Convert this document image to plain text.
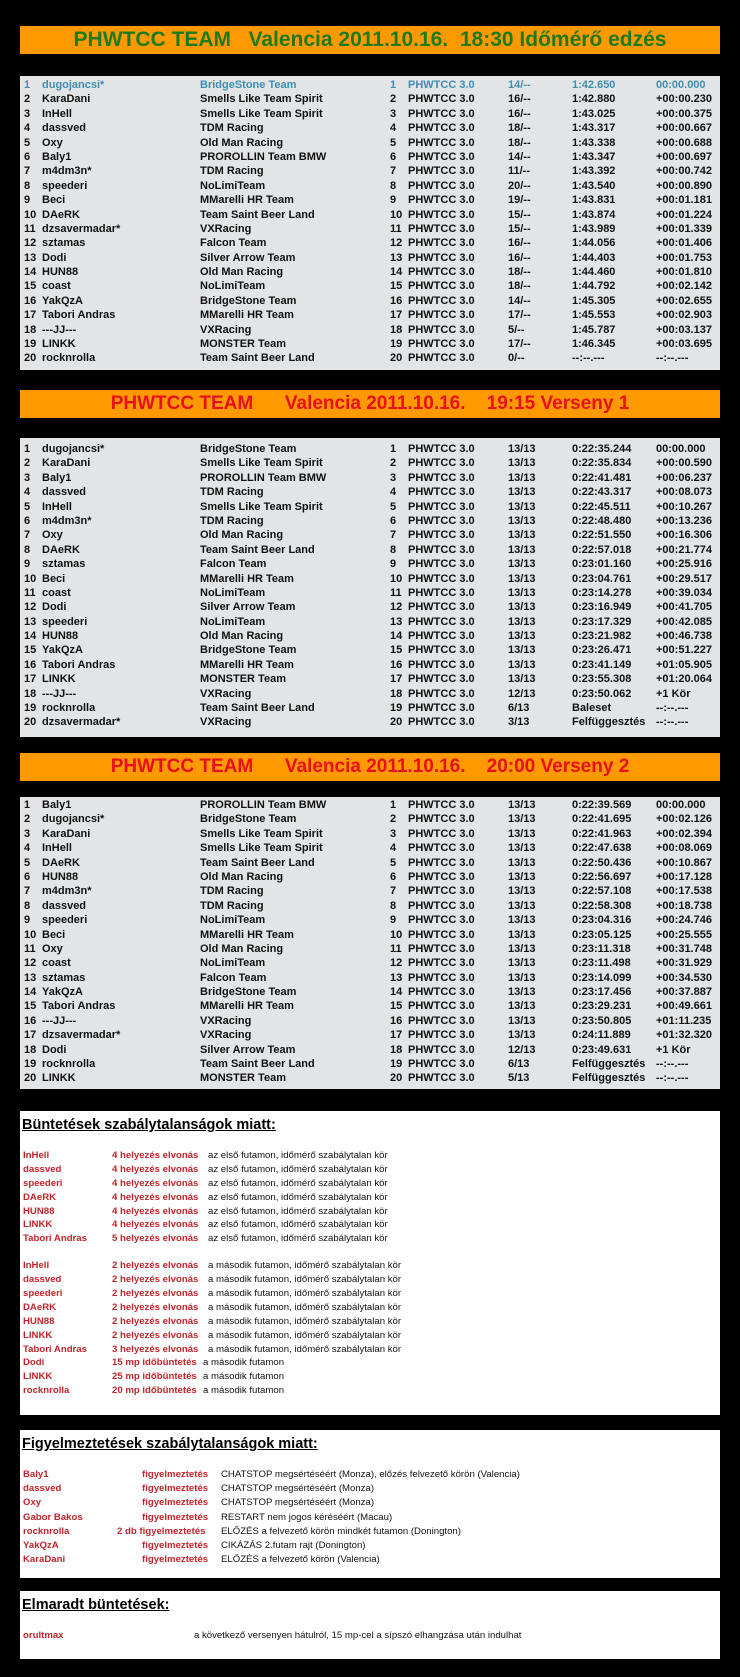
PHWTCC TEAM   Valencia 2011.10.16.  18:30 Időmérő edzés
1 dugojancsi*	BridgeStone Team	1 PHWTCC 3.0	14/--	1:42.650	00:00.000
2 KaraDani	Smells Like Team Spirit	2 PHWTCC 3.0	16/--	1:42.880	+00:00.230
3 InHell	Smells Like Team Spirit	3 PHWTCC 3.0	16/--	1:43.025	+00:00.375
4 dassved	TDM Racing	4 PHWTCC 3.0	18/--	1:43.317	+00:00.667
5 Oxy	Old Man Racing	5 PHWTCC 3.0	18/--	1:43.338	+00:00.688
6 Baly1	PROROLLIN Team BMW	6 PHWTCC 3.0	14/--	1:43.347	+00:00.697
7 m4dm3n*	TDM Racing	7 PHWTCC 3.0	11/--	1:43.392	+00:00.742
8 speederi	NoLimiTeam	8 PHWTCC 3.0	20/--	1:43.540	+00:00.890
9 Beci	MMarelli HR Team	9 PHWTCC 3.0	19/--	1:43.831	+00:01.181
10 DAeRK	Team Saint Beer Land	10 PHWTCC 3.0	15/--	1:43.874	+00:01.224
11 dzsavermadar*	VXRacing	11 PHWTCC 3.0	15/--	1:43.989	+00:01.339
12 sztamas	Falcon Team	12 PHWTCC 3.0	16/--	1:44.056	+00:01.406
13 Dodi	Silver Arrow Team	13 PHWTCC 3.0	16/--	1:44.403	+00:01.753
14 HUN88	Old Man Racing	14 PHWTCC 3.0	18/--	1:44.460	+00:01.810
15 coast	NoLimiTeam	15 PHWTCC 3.0	18/--	1:44.792	+00:02.142
16 YakQzA	BridgeStone Team	16 PHWTCC 3.0	14/--	1:45.305	+00:02.655
17 Tabori Andras	MMarelli HR Team	17 PHWTCC 3.0	17/--	1:45.553	+00:02.903
18 ---JJ---	VXRacing	18 PHWTCC 3.0	5/--	1:45.787	+00:03.137
19 LINKK	MONSTER Team	19 PHWTCC 3.0	17/--	1:46.345	+00:03.695
20 rocknrolla	Team Saint Beer Land	20 PHWTCC 3.0	0/--	--:--.---	--:--.---
PHWTCC TEAM      Valencia 2011.10.16.    19:15 Verseny 1
1 dugojancsi*	BridgeStone Team	1 PHWTCC 3.0	13/13	0:22:35.244 00:00.000
2 KaraDani	Smells Like Team Spirit	2 PHWTCC 3.0	13/13	0:22:35.834 +00:00.590
3 Baly1	PROROLLIN Team BMW	3 PHWTCC 3.0	13/13	0:22:41.481 +00:06.237
4 dassved	TDM Racing	4 PHWTCC 3.0	13/13	0:22:43.317 +00:08.073
5 InHell	Smells Like Team Spirit	5 PHWTCC 3.0	13/13	0:22:45.511 +00:10.267
6 m4dm3n*	TDM Racing	6 PHWTCC 3.0	13/13	0:22:48.480 +00:13.236
7 Oxy	Old Man Racing	7 PHWTCC 3.0	13/13	0:22:51.550 +00:16.306
8 DAeRK	Team Saint Beer Land	8 PHWTCC 3.0	13/13	0:22:57.018 +00:21.774
9 sztamas	Falcon Team	9 PHWTCC 3.0	13/13	0:23:01.160 +00:25.916
10 Beci	MMarelli HR Team	10 PHWTCC 3.0	13/13	0:23:04.761 +00:29.517
11 coast	NoLimiTeam	11 PHWTCC 3.0	13/13	0:23:14.278 +00:39.034
12 Dodi	Silver Arrow Team	12 PHWTCC 3.0	13/13	0:23:16.949 +00:41.705
13 speederi	NoLimiTeam	13 PHWTCC 3.0	13/13	0:23:17.329 +00:42.085
14 HUN88	Old Man Racing	14 PHWTCC 3.0	13/13	0:23:21.982 +00:46.738
15 YakQzA	BridgeStone Team	15 PHWTCC 3.0	13/13	0:23:26.471 +00:51.227
16 Tabori Andras	MMarelli HR Team	16 PHWTCC 3.0	13/13	0:23:41.149 +01:05.905
17 LINKK	MONSTER Team	17 PHWTCC 3.0	13/13	0:23:55.308 +01:20.064
18 ---JJ---	VXRacing	18 PHWTCC 3.0	12/13	0:23:50.062 +1 Kör
19 rocknrolla	Team Saint Beer Land	19 PHWTCC 3.0	6/13	Baleset	--:--.---
20 dzsavermadar*	VXRacing	20 PHWTCC 3.0	3/13	Felfüggesztés --:--.---
PHWTCC TEAM      Valencia 2011.10.16.    20:00 Verseny 2
1 Baly1	PROROLLIN Team BMW	1 PHWTCC 3.0	13/13	0:22:39.569 00:00.000
2 dugojancsi*	BridgeStone Team	2 PHWTCC 3.0	13/13	0:22:41.695 +00:02.126
3 KaraDani	Smells Like Team Spirit	3 PHWTCC 3.0	13/13	0:22:41.963 +00:02.394
4 InHell	Smells Like Team Spirit	4 PHWTCC 3.0	13/13	0:22:47.638 +00:08.069
5 DAeRK	Team Saint Beer Land	5 PHWTCC 3.0	13/13	0:22:50.436 +00:10.867
6 HUN88	Old Man Racing	6 PHWTCC 3.0	13/13	0:22:56.697 +00:17.128
7 m4dm3n*	TDM Racing	7 PHWTCC 3.0	13/13	0:22:57.108 +00:17.538
8 dassved	TDM Racing	8 PHWTCC 3.0	13/13	0:22:58.308 +00:18.738
9 speederi	NoLimiTeam	9 PHWTCC 3.0	13/13	0:23:04.316 +00:24.746
10 Beci	MMarelli HR Team	10 PHWTCC 3.0	13/13	0:23:05.125 +00:25.555
11 Oxy	Old Man Racing	11 PHWTCC 3.0	13/13	0:23:11.318 +00:31.748
12 coast	NoLimiTeam	12 PHWTCC 3.0	13/13	0:23:11.498 +00:31.929
13 sztamas	Falcon Team	13 PHWTCC 3.0	13/13	0:23:14.099 +00:34.530
14 YakQzA	BridgeStone Team	14 PHWTCC 3.0	13/13	0:23:17.456 +00:37.887
15 Tabori Andras	MMarelli HR Team	15 PHWTCC 3.0	13/13	0:23:29.231 +00:49.661
16 ---JJ---	VXRacing	16 PHWTCC 3.0	13/13	0:23:50.805 +01:11.235
17 dzsavermadar*	VXRacing	17 PHWTCC 3.0	13/13	0:24:11.889 +01:32.320
18 Dodi	Silver Arrow Team	18 PHWTCC 3.0	12/13	0:23:49.631 +1 Kör
19 rocknrolla	Team Saint Beer Land	19 PHWTCC 3.0	6/13	Felfüggesztés --:--.---
20 LINKK	MONSTER Team	20 PHWTCC 3.0	5/13	Felfüggesztés --:--.---
Büntetések szabálytalanságok miatt:
InHell	4 helyezés elvonás az első futamon, időmérő szabálytalan kör
dassved	4 helyezés elvonás az első futamon, időmérő szabálytalan kör
speederi	4 helyezés elvonás az első futamon, időmérő szabálytalan kör
DAeRK	4 helyezés elvonás az első futamon, időmérő szabálytalan kör
HUN88	4 helyezés elvonás az első futamon, időmérő szabálytalan kör
LINKK	4 helyezés elvonás az első futamon, időmérő szabálytalan kör
Tabori Andras	5 helyezés elvonás az első futamon, időmérő szabálytalan kör
InHell	2 helyezés elvonás a második futamon, időmérő szabálytalan kör
dassved	2 helyezés elvonás a második futamon, időmérő szabálytalan kör
speederi	2 helyezés elvonás a második futamon, időmérő szabálytalan kör
DAeRK	2 helyezés elvonás a második futamon, időmérő szabálytalan kör
HUN88	2 helyezés elvonás a második futamon, időmérő szabálytalan kör
LINKK	2 helyezés elvonás a második futamon, időmérő szabálytalan kör
Tabori Andras	3 helyezés elvonás a második futamon, időmérő szabálytalan kör
Dodi	15 mp időbüntetés a második futamon
LINKK	25 mp időbüntetés a második futamon
rocknrolla	20 mp időbüntetés a második futamon
Figyelmeztetések szabálytalanságok miatt:
Baly1	figyelmeztetés CHATSTOP megsértéséért (Monza), előzés felvezető körön (Valencia)
dassved	figyelmeztetés CHATSTOP megsértéséért (Monza)
Oxy	figyelmeztetés CHATSTOP megsértéséért (Monza)
Gabor Bakos	figyelmeztetés RESTART nem jogos kéréséért (Macau)
rocknrolla	2 db figyelmeztetés ELŐZÉS a felvezető körön mindkét futamon (Donington)
YakQzA	figyelmeztetés CIKÁZÁS 2.futam rajt (Donington)
KaraDani	figyelmeztetés ELŐZÉS a felvezető körön (Valencia)
Elmaradt büntetések:
orultmax	a következő versenyen hátulról, 15 mp-cel a sípszó elhangzása után indulhat
